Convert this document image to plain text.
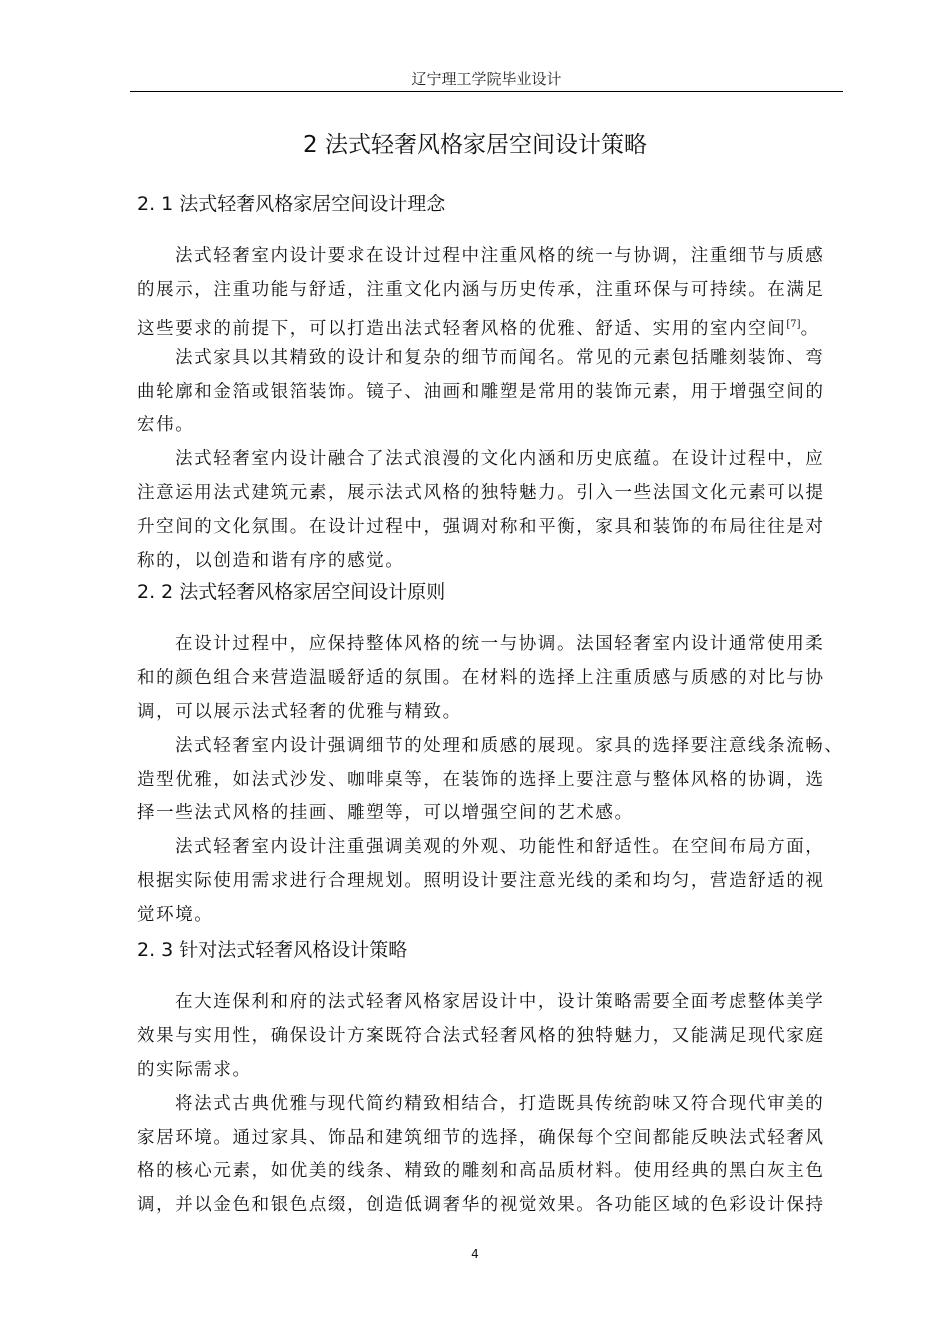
辽宁理工学院毕业设计
2 法式轻奢风格家居空间设计策略
2. 1 法式轻奢风格家居空间设计理念
法式轻奢室内设计要求在设计过程中注重风格的统一与协调，注重细节与质感
的展示，注重功能与舒适，注重文化内涵与历史传承，注重环保与可持续。在满足
这些要求的前提下，可以打造出法式轻奢风格的优雅、舒适、实用的室内空间[7]。
法式家具以其精致的设计和复杂的细节而闻名。常见的元素包括雕刻装饰、弯
曲轮廓和金箔或银箔装饰。镜子、油画和雕塑是常用的装饰元素，用于增强空间的
宏伟。
法式轻奢室内设计融合了法式浪漫的文化内涵和历史底蕴。在设计过程中，应
注意运用法式建筑元素，展示法式风格的独特魅力。引入一些法国文化元素可以提
升空间的文化氛围。在设计过程中，强调对称和平衡，家具和装饰的布局往往是对
称的，以创造和谐有序的感觉。
2. 2 法式轻奢风格家居空间设计原则
在设计过程中，应保持整体风格的统一与协调。法国轻奢室内设计通常使用柔
和的颜色组合来营造温暖舒适的氛围。在材料的选择上注重质感与质感的对比与协
调，可以展示法式轻奢的优雅与精致。
法式轻奢室内设计强调细节的处理和质感的展现。家具的选择要注意线条流畅、
造型优雅，如法式沙发、咖啡桌等，在装饰的选择上要注意与整体风格的协调，选
择一些法式风格的挂画、雕塑等，可以增强空间的艺术感。
法式轻奢室内设计注重强调美观的外观、功能性和舒适性。在空间布局方面，
根据实际使用需求进行合理规划。照明设计要注意光线的柔和均匀，营造舒适的视
觉环境。
2. 3 针对法式轻奢风格设计策略
在大连保利和府的法式轻奢风格家居设计中，设计策略需要全面考虑整体美学
效果与实用性，确保设计方案既符合法式轻奢风格的独特魅力，又能满足现代家庭
的实际需求。
将法式古典优雅与现代简约精致相结合，打造既具传统韵味又符合现代审美的
家居环境。通过家具、饰品和建筑细节的选择，确保每个空间都能反映法式轻奢风
格的核心元素，如优美的线条、精致的雕刻和高品质材料。使用经典的黑白灰主色
调，并以金色和银色点缀，创造低调奢华的视觉效果。各功能区域的色彩设计保持
4
